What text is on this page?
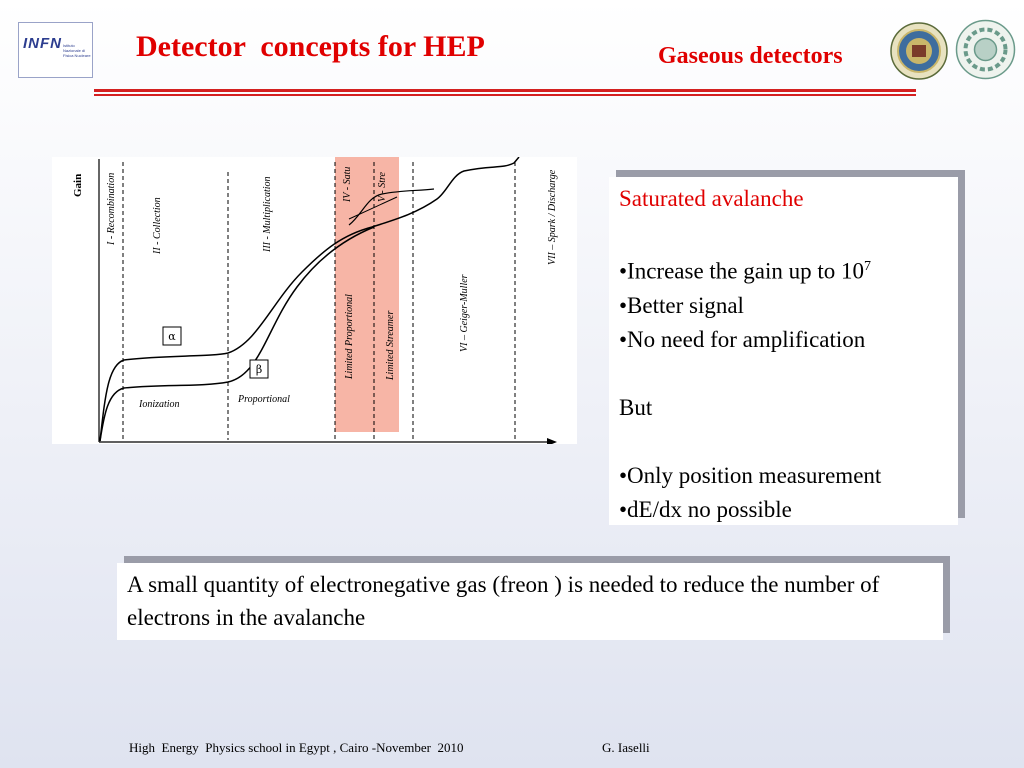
INFN Istituto Nazionale di Fisica Nucleare Detector  concepts for HEP	Gaseous detectors
Gain I - Recombination	II - Collection	III - Multiplication	IV - Satu V - Stre
VI – Geiger-Muller
VII – Spark / Discharge
Ionization	Proportional
Limited Proportional	Limited Streamer
α
β
Saturated avalanche
•Increase the gain up to $10^7$
•Better signal
•No need for amplification
But
•Only position measurement
•dE/dx no possible
A small quantity of electronegative gas (freon ) is needed to reduce the number of electrons in the avalanche
High  Energy  Physics school in Egypt , Cairo -November  2010	G. Iaselli
